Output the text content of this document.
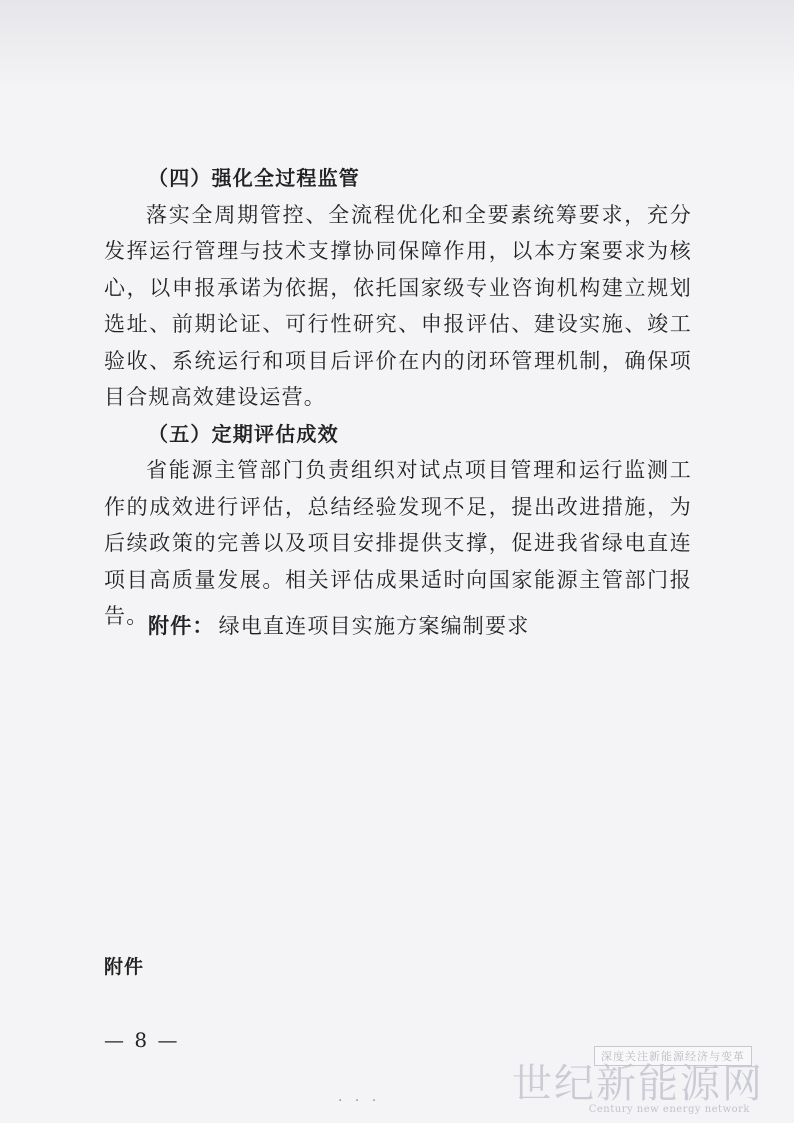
（四）强化全过程监管

落实全周期管控、全流程优化和全要素统筹要求，充分发挥运行管理与技术支撑协同保障作用，以本方案要求为核心，以申报承诺为依据，依托国家级专业咨询机构建立规划选址、前期论证、可行性研究、申报评估、建设实施、竣工验收、系统运行和项目后评价在内的闭环管理机制，确保项目合规高效建设运营。

（五）定期评估成效

省能源主管部门负责组织对试点项目管理和运行监测工作的成效进行评估，总结经验发现不足，提出改进措施，为后续政策的完善以及项目安排提供支撑，促进我省绿电直连项目高质量发展。相关评估成果适时向国家能源主管部门报告。 附件： 绿电直连项目实施方案编制要求
附件
— 8 —
· · ·
深度关注新能源经济与变革
世纪新能源网
Century new energy network
